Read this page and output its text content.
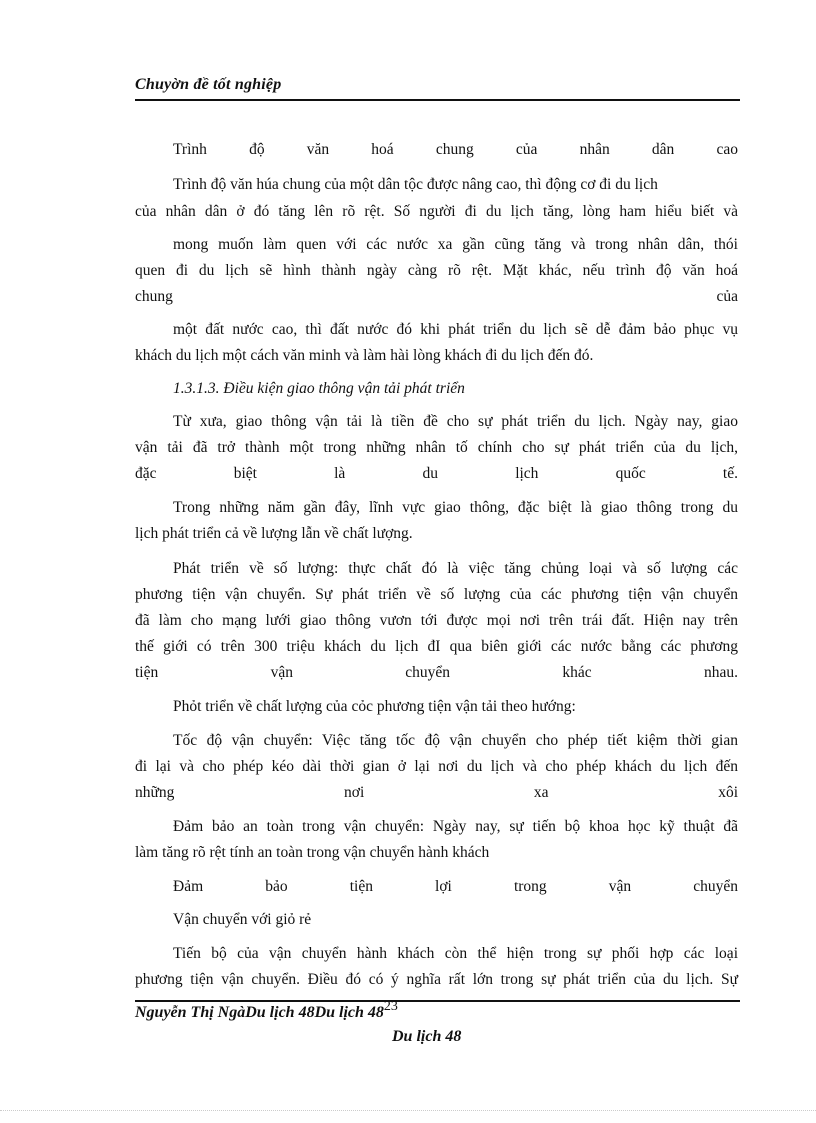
Chuyờn đề tốt nghiệp
Trình độ văn hoá chung của nhân dân cao
Trình độ văn húa chung của một dân tộc được nâng cao, thì động cơ đi du lịch
của nhân dân ở đó tăng lên rõ rệt. Số người đi du lịch tăng, lòng ham hiểu biết và
mong muốn làm quen với các nước xa gần cũng tăng và trong nhân dân, thói
quen đi du lịch sẽ hình thành ngày càng rõ rệt. Mặt khác, nếu trình độ văn hoá
chung của
một đất nước cao, thì đất nước đó khi phát triển du lịch sẽ dễ đảm bảo phục vụ
khách du lịch một cách văn minh và làm hài lòng khách đi du lịch đến đó.
1.3.1.3. Điều kiện giao thông vận tải phát triển
Từ xưa, giao thông vận tải là tiền đề cho sự phát triển du lịch. Ngày nay, giao
vận tải đã trở thành một trong những nhân tố chính cho sự phát triển của du lịch,
đặc biệt là du lịch quốc tế.
Trong những năm gần đây, lĩnh vực giao thông, đặc biệt là giao thông trong du
lịch phát triển cả về lượng lẫn về chất lượng.
Phát triển về số lượng: thực chất đó là việc tăng chủng loại và số lượng các
phương tiện vận chuyển. Sự phát triển về số lượng của các phương tiện vận chuyển
đã làm cho mạng lưới giao thông vươn tới được mọi nơi trên trái đất. Hiện nay trên
thế giới có trên 300 triệu khách du lịch đI qua biên giới các nước bằng các phương
tiện vận chuyển khác nhau.
Phỏt triển về chất lượng của cỏc phương tiện vận tải theo hướng:
Tốc độ vận chuyển: Việc tăng tốc độ vận chuyển cho phép tiết kiệm thời gian
đi lại và cho phép kéo dài thời gian ở lại nơi du lịch và cho phép khách du lịch đến
những nơi xa xôi
Đảm bảo an toàn trong vận chuyển: Ngày nay, sự tiến bộ khoa học kỹ thuật đã
làm tăng rõ rệt tính an toàn trong vận chuyển hành khách
Đảm bảo tiện lợi trong vận chuyển
Vận chuyển với giỏ rẻ
Tiến bộ của vận chuyển hành khách còn thể hiện trong sự phối hợp các loại
phương tiện vận chuyển. Điều đó có ý nghĩa rất lớn trong sự phát triển của du lịch. Sự
Nguyễn Thị NgàDu lịch 48Du lịch 4823
Du lịch 48
